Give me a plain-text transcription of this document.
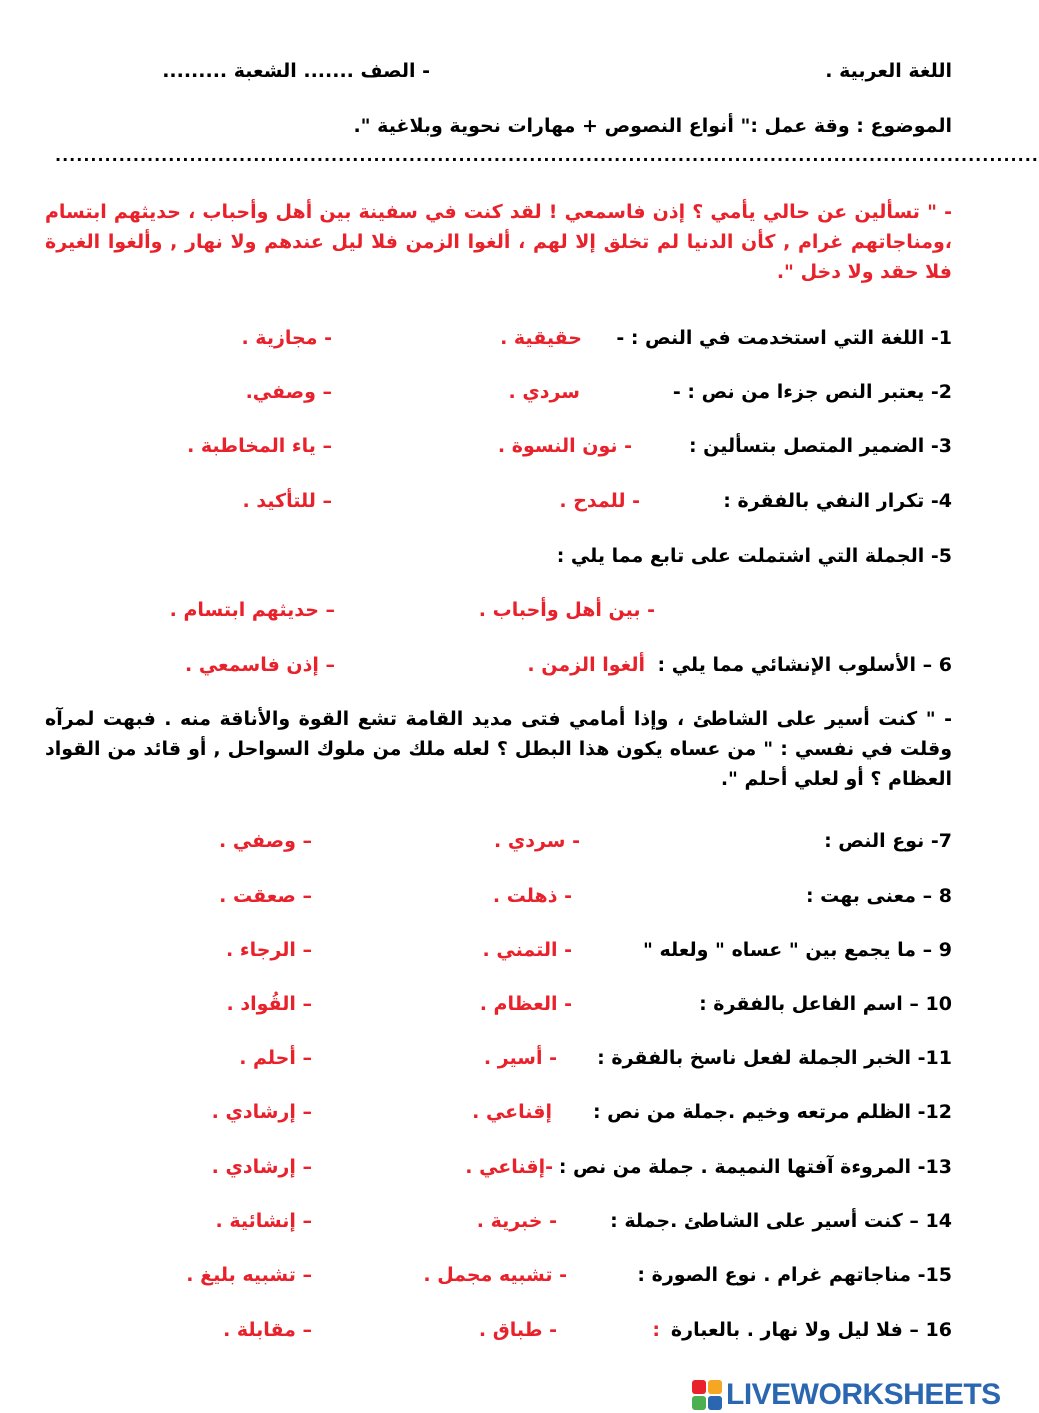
اللغة العربية .
- الصف ....... الشعبة .........
الموضوع : وقة عمل :" أنواع النصوص + مهارات نحوية وبلاغية ".
...........................................................................................................................................
- " تسألين عن حالي يأمي ؟ إذن فاسمعي ! لقد كنت في سفينة بين أهل وأحباب ، حديثهم ابتسام ،ومناجاتهم غرام , كأن الدنيا لم تخلق إلا لهم ، ألغوا الزمن فلا ليل عندهم ولا نهار , وألغوا الغيرة فلا حقد ولا دخل ".
1- اللغة التي استخدمت في النص : -
حقيقية .
- مجازية .
2- يعتبر النص جزءا من نص : -
سردي .
– وصفي.
3- الضمير المتصل بتسألين :
- نون النسوة .
– ياء المخاطبة .
4- تكرار النفي بالفقرة :
- للمدح .
– للتأكيد .
5- الجملة التي اشتملت على تابع مما يلي :
- بين أهل وأحباب .
– حديثهم ابتسام .
6 – الأسلوب الإنشائي مما يلي :
ألغوا الزمن .
– إذن فاسمعي .
7- نوع النص :
- سردي .
– وصفي .
8 – معنى بهت :
- ذهلت .
– صعقت .
9 – ما يجمع بين " عساه " ولعله "
- التمني .
– الرجاء .
10 – اسم الفاعل بالفقرة :
- العظام .
– القُواد .
11- الخبر الجملة لفعل ناسخ بالفقرة :
- أسير .
– أحلم .
12- الظلم مرتعه وخيم .جملة من نص :
إقناعي .
– إرشادي .
13- المروءة آفتها النميمة . جملة من نص :
-إقناعي .
– إرشادي .
14 – كنت أسير على الشاطئ .جملة :
- خبرية .
– إنشائية .
15- مناجاتهم غرام . نوع الصورة :
- تشبيه مجمل .
– تشبيه بليغ .
16 – فلا ليل ولا نهار . بالعبارة
:
- طباق .
– مقابلة .
- " كنت أسير على الشاطئ ، وإذا أمامي فتى مديد القامة تشع القوة والأناقة منه . فبهت لمرآه وقلت في نفسي : " من عساه يكون هذا البطل ؟ لعله ملك من ملوك السواحل , أو قائد من القواد العظام ؟ أو لعلي أحلم ".
LIVEWORKSHEETS
